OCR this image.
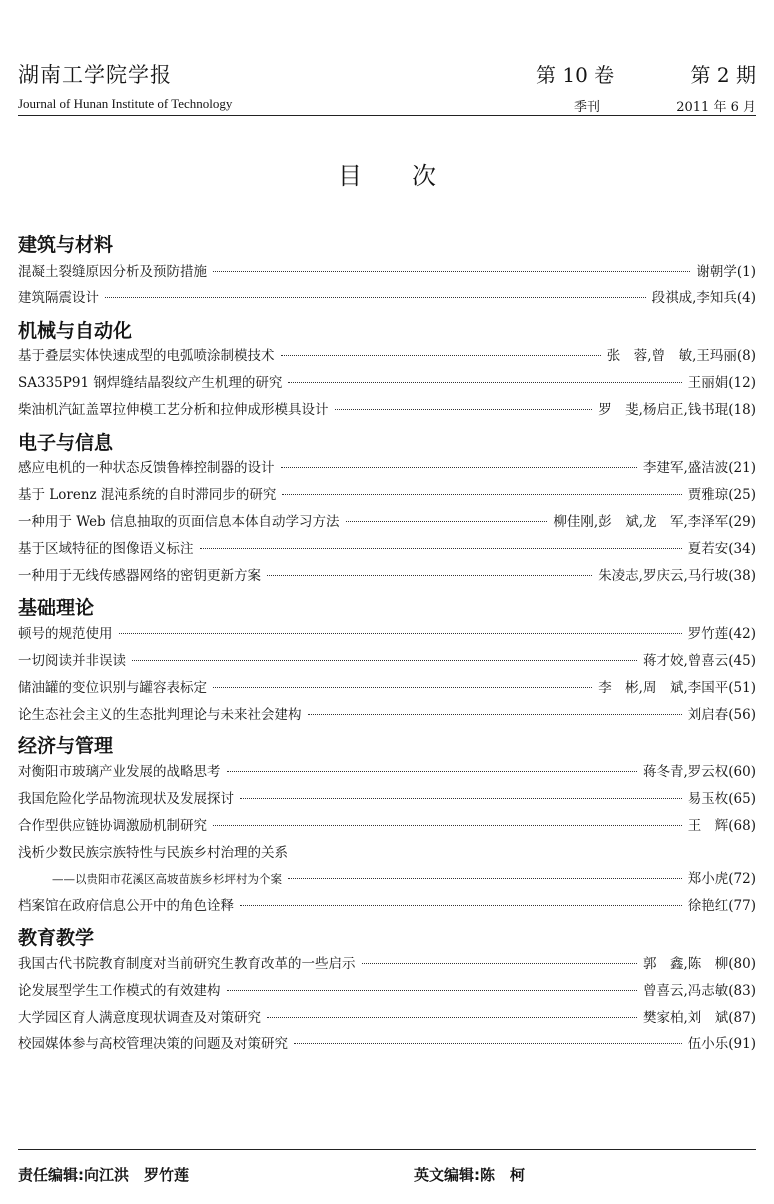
湖南工学院学报
Journal of Hunan Institute of Technology
第 10 卷	第 2 期
季刊	2011 年 6 月
目次
建筑与材料
混凝土裂缝原因分析及预防措施	谢朝学 (1)
建筑隔震设计	段祺成,李知兵 (4)
机械与自动化
基于叠层实体快速成型的电弧喷涂制模技术	张　蓉,曾　敏,王玛丽 (8)
SA335P91 钢焊缝结晶裂纹产生机理的研究	王丽娟 (12)
柴油机汽缸盖罩拉伸模工艺分析和拉伸成形模具设计	罗　斐,杨启正,钱书琨 (18)
电子与信息
感应电机的一种状态反馈鲁棒控制器的设计	李建军,盛洁波 (21)
基于 Lorenz 混沌系统的自时滞同步的研究	贾雅琼 (25)
一种用于 Web 信息抽取的页面信息本体自动学习方法	柳佳刚,彭　斌,龙　军,李泽军 (29)
基于区域特征的图像语义标注	夏若安 (34)
一种用于无线传感器网络的密钥更新方案	朱凌志,罗庆云,马行坡 (38)
基础理论
顿号的规范使用	罗竹莲 (42)
一切阅读并非误读	蒋才姣,曾喜云 (45)
储油罐的变位识别与罐容表标定	李　彬,周　斌,李国平 (51)
论生态社会主义的生态批判理论与未来社会建构	刘启春 (56)
经济与管理
对衡阳市玻璃产业发展的战略思考	蒋冬青,罗云权 (60)
我国危险化学品物流现状及发展探讨	易玉枚 (65)
合作型供应链协调激励机制研究	王　辉 (68)
浅析少数民族宗族特性与民族乡村治理的关系
——以贵阳市花溪区高坡苗族乡杉坪村为个案	郑小虎 (72)
档案馆在政府信息公开中的角色诠释	徐艳红 (77)
教育教学
我国古代书院教育制度对当前研究生教育改革的一些启示	郭　鑫,陈　柳 (80)
论发展型学生工作模式的有效建构	曾喜云,冯志敏 (83)
大学园区育人满意度现状调查及对策研究	樊家柏,刘　斌 (87)
校园媒体参与高校管理决策的问题及对策研究	伍小乐 (91)
责任编辑:向江洪　罗竹莲	英文编辑:陈　柯
